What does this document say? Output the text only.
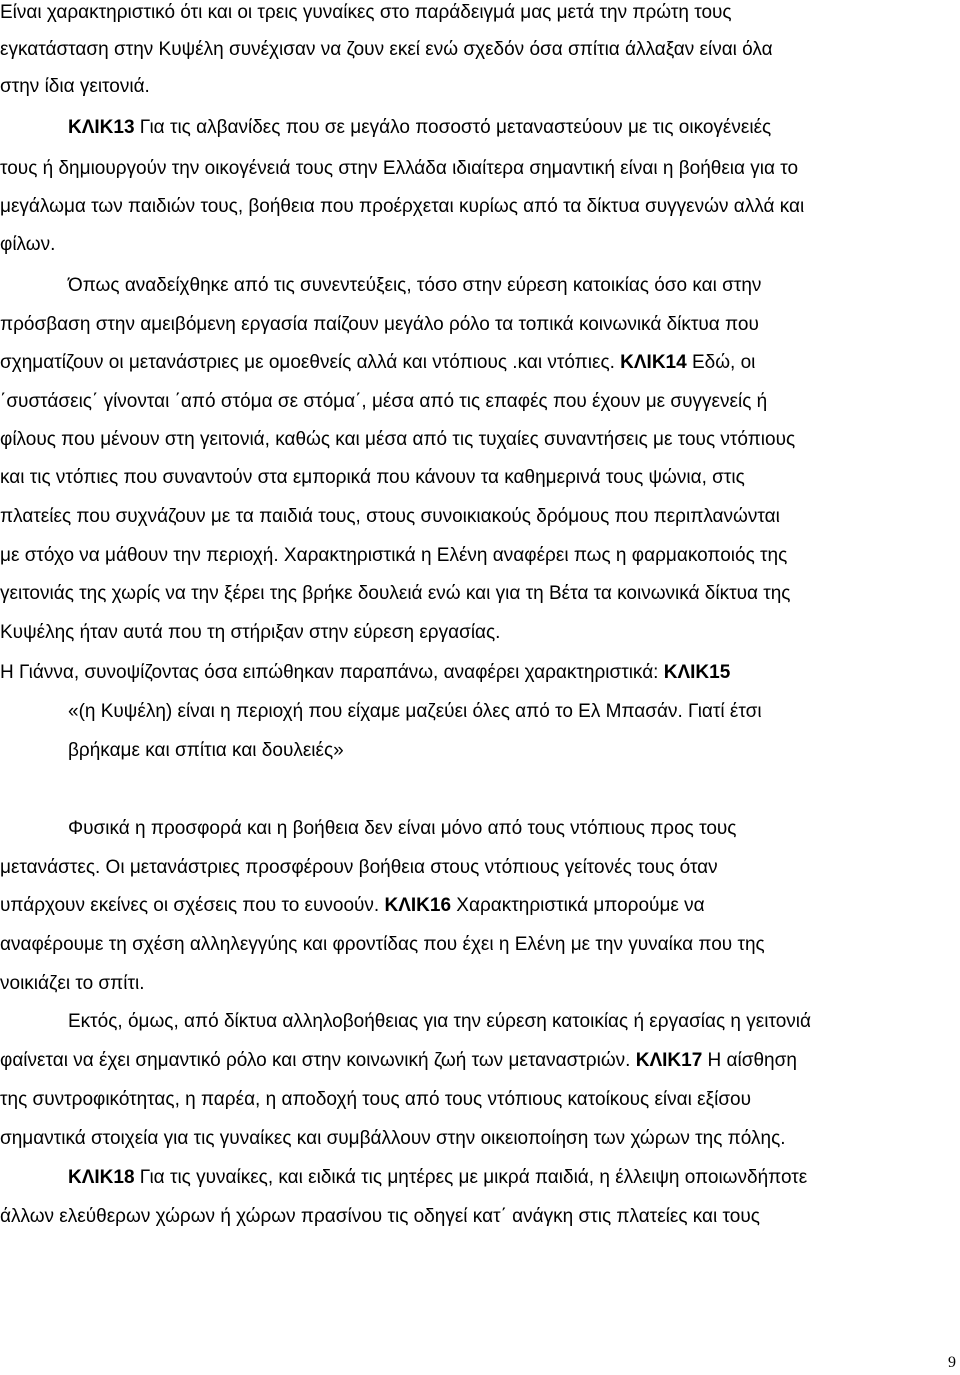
Είναι χαρακτηριστικό ότι και οι τρεις γυναίκες στο παράδειγμά μας μετά την πρώτη τους
εγκατάσταση στην Κυψέλη συνέχισαν να ζουν εκεί ενώ σχεδόν όσα σπίτια άλλαξαν είναι όλα
στην ίδια γειτονιά.
ΚΛΙΚ13 Για τις αλβανίδες που σε μεγάλο ποσοστό μεταναστεύουν με τις οικογένειές
τους ή δημιουργούν την οικογένειά τους στην Ελλάδα ιδιαίτερα σημαντική είναι η βοήθεια για το
μεγάλωμα των παιδιών τους, βοήθεια που προέρχεται κυρίως από τα δίκτυα συγγενών αλλά και
φίλων.
Όπως αναδείχθηκε από τις συνεντεύξεις, τόσο στην εύρεση κατοικίας όσο και στην
πρόσβαση στην αμειβόμενη εργασία παίζουν μεγάλο ρόλο τα τοπικά κοινωνικά δίκτυα που
σχηματίζουν οι μετανάστριες με ομοεθνείς αλλά και ντόπιους .και ντόπιες. ΚΛΙΚ14 Εδώ, οι
΄συστάσεις΄ γίνονται ΄από στόμα σε στόμα΄, μέσα από τις επαφές που έχουν με συγγενείς ή
φίλους που μένουν στη γειτονιά, καθώς και μέσα από τις τυχαίες συναντήσεις με τους ντόπιους
και τις ντόπιες που συναντούν στα εμπορικά που κάνουν τα καθημερινά τους ψώνια, στις
πλατείες που συχνάζουν με τα παιδιά τους, στους συνοικιακούς δρόμους που περιπλανώνται
με στόχο να μάθουν την περιοχή. Χαρακτηριστικά η Ελένη αναφέρει πως η φαρμακοποιός της
γειτονιάς της χωρίς να την ξέρει της βρήκε δουλειά ενώ και για τη Βέτα τα κοινωνικά δίκτυα της
Κυψέλης ήταν αυτά που τη στήριξαν στην εύρεση εργασίας.
Η Γιάννα, συνοψίζοντας όσα ειπώθηκαν παραπάνω, αναφέρει χαρακτηριστικά: ΚΛΙΚ15
«(η Κυψέλη) είναι η περιοχή που είχαμε μαζεύει όλες από το Ελ Μπασάν. Γιατί έτσι
βρήκαμε και σπίτια και δουλειές»
Φυσικά η προσφορά και η βοήθεια δεν είναι μόνο από τους ντόπιους προς τους
μετανάστες. Οι μετανάστριες προσφέρουν βοήθεια στους ντόπιους γείτονές τους όταν
υπάρχουν εκείνες οι σχέσεις που το ευνοούν. ΚΛΙΚ16 Χαρακτηριστικά μπορούμε να
αναφέρουμε τη σχέση αλληλεγγύης και φροντίδας που έχει η Ελένη με την γυναίκα που της
νοικιάζει το σπίτι.
Εκτός, όμως, από δίκτυα αλληλοβοήθειας για την εύρεση κατοικίας ή εργασίας η γειτονιά
φαίνεται να έχει σημαντικό ρόλο και στην κοινωνική ζωή των μεταναστριών. ΚΛΙΚ17 Η αίσθηση
της συντροφικότητας, η παρέα, η αποδοχή τους από τους ντόπιους κατοίκους είναι εξίσου
σημαντικά στοιχεία για τις γυναίκες και συμβάλλουν στην οικειοποίηση των χώρων της πόλης.
ΚΛΙΚ18 Για τις γυναίκες, και ειδικά τις μητέρες με μικρά παιδιά, η έλλειψη οποιωνδήποτε
άλλων ελεύθερων χώρων ή χώρων πρασίνου τις οδηγεί κατ΄ ανάγκη στις πλατείες και τους
9
